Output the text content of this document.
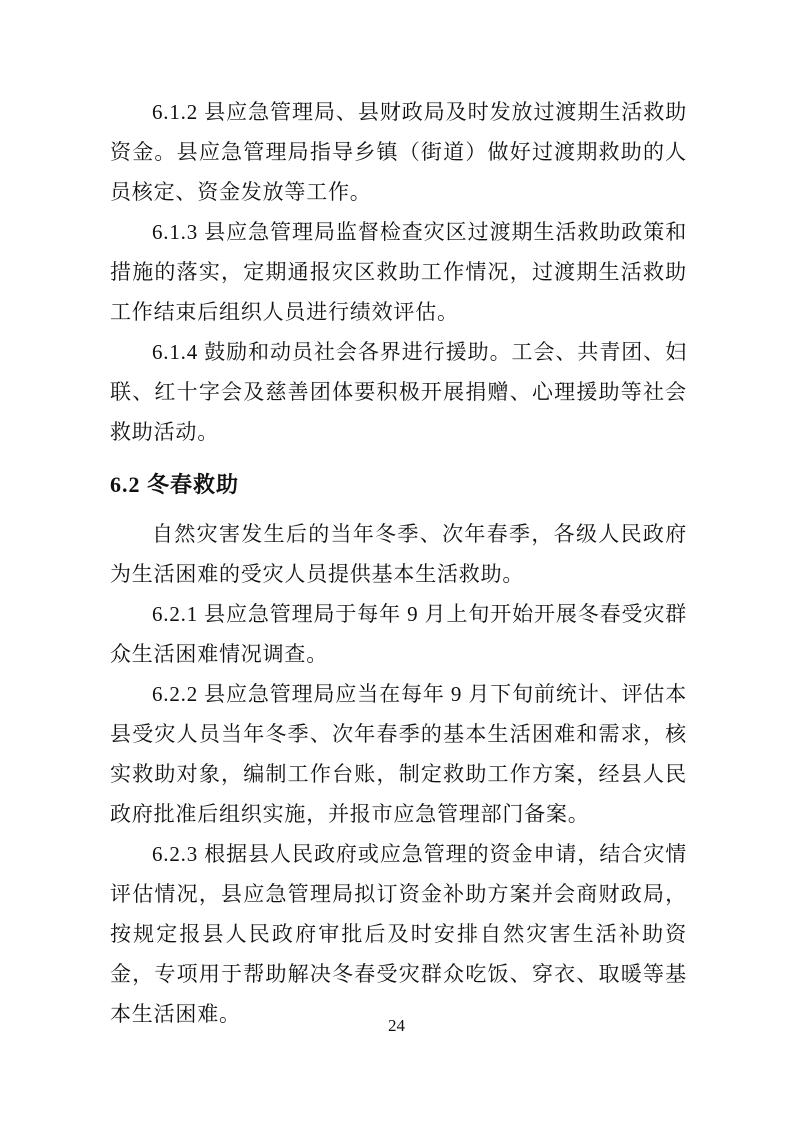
6.1.2 县应急管理局、县财政局及时发放过渡期生活救助资金。县应急管理局指导乡镇（街道）做好过渡期救助的人员核定、资金发放等工作。

6.1.3 县应急管理局监督检查灾区过渡期生活救助政策和措施的落实，定期通报灾区救助工作情况，过渡期生活救助工作结束后组织人员进行绩效评估。

6.1.4 鼓励和动员社会各界进行援助。工会、共青团、妇联、红十字会及慈善团体要积极开展捐赠、心理援助等社会救助活动。

6.2 冬春救助

自然灾害发生后的当年冬季、次年春季，各级人民政府为生活困难的受灾人员提供基本生活救助。

6.2.1 县应急管理局于每年 9 月上旬开始开展冬春受灾群众生活困难情况调查。

6.2.2 县应急管理局应当在每年 9 月下旬前统计、评估本县受灾人员当年冬季、次年春季的基本生活困难和需求，核实救助对象，编制工作台账，制定救助工作方案，经县人民政府批准后组织实施，并报市应急管理部门备案。

6.2.3 根据县人民政府或应急管理的资金申请，结合灾情评估情况，县应急管理局拟订资金补助方案并会商财政局，按规定报县人民政府审批后及时安排自然灾害生活补助资金，专项用于帮助解决冬春受灾群众吃饭、穿衣、取暖等基本生活困难。	24
